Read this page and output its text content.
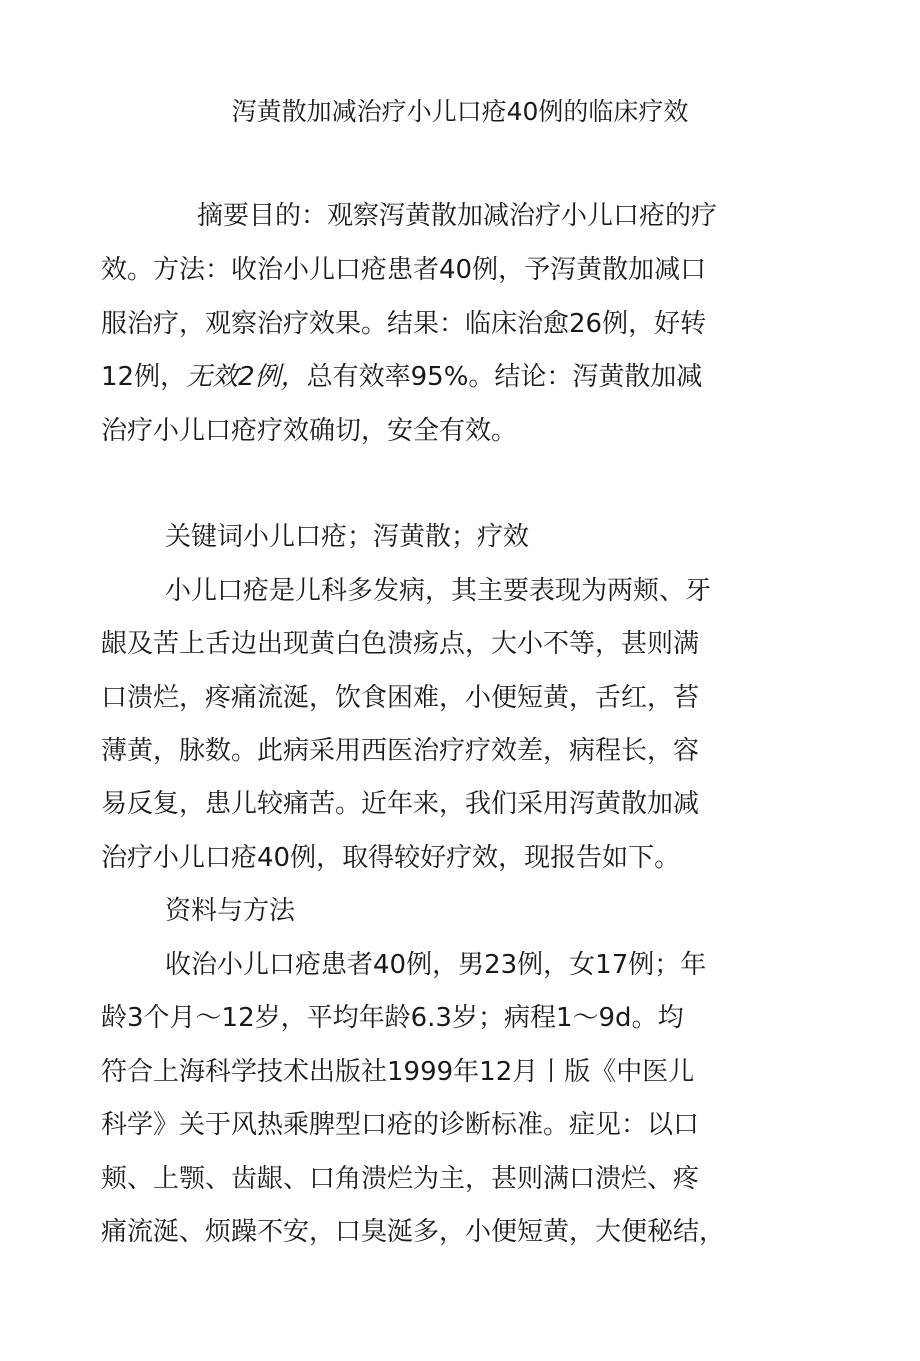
泻黄散加减治疗小儿口疮40例的临床疗效
摘要目的：观察泻黄散加减治疗小儿口疮的疗
效。方法：收治小儿口疮患者40例，予泻黄散加减口
服治疗，观察治疗效果。结果：临床治愈26例，好转
12例，无效2例，总有效率95%。结论：泻黄散加减
治疗小儿口疮疗效确切，安全有效。
关键词小儿口疮；泻黄散；疗效
小儿口疮是儿科多发病，其主要表现为两颊、牙
龈及苦上舌边出现黄白色溃疡点，大小不等，甚则满
口溃烂，疼痛流涎，饮食困难，小便短黄，舌红，苔
薄黄，脉数。此病采用西医治疗疗效差，病程长，容
易反复，患儿较痛苦。近年来，我们采用泻黄散加减
治疗小儿口疮40例，取得较好疗效，现报告如下。
资料与方法
收治小儿口疮患者40例，男23例，女17例；年
龄3个月～12岁，平均年龄6.3岁；病程1～9d。均
符合上海科学技术出版社1999年12月丨版《中医儿
科学》关于风热乘脾型口疮的诊断标准。症见：以口
颊、上颚、齿龈、口角溃烂为主，甚则满口溃烂、疼
痛流涎、烦躁不安，口臭涎多，小便短黄，大便秘结，
